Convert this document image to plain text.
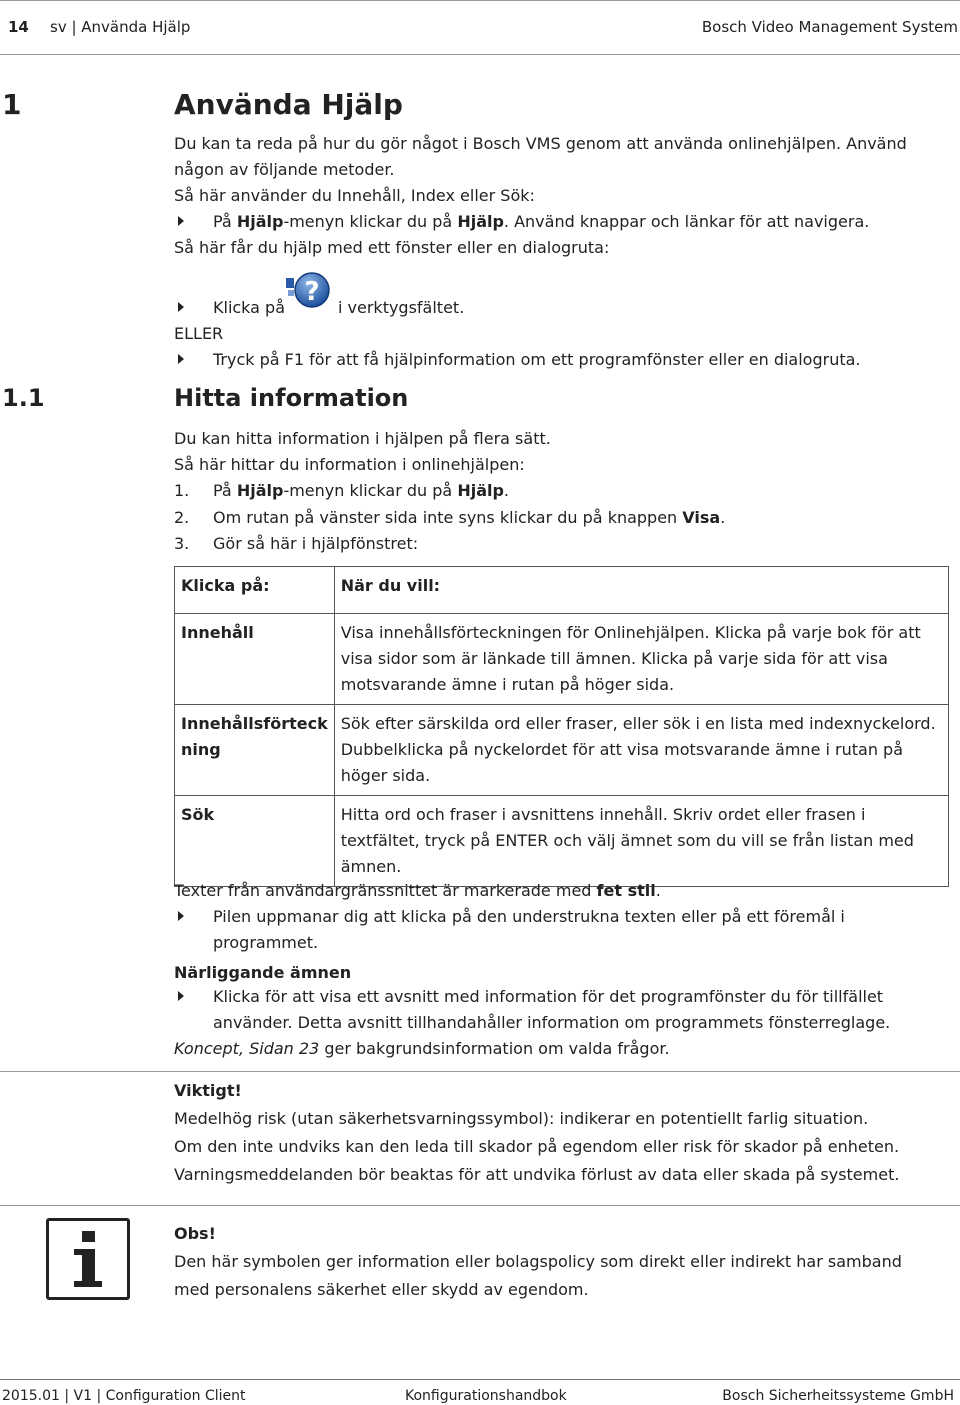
14 sv | Använda Hjälp	Bosch Video Management System
1	Använda Hjälp
Du kan ta reda på hur du gör något i Bosch VMS genom att använda onlinehjälpen. Använd
någon av följande metoder.
Så här använder du Innehåll, Index eller Sök:
På Hjälp-menyn klickar du på Hjälp. Använd knappar och länkar för att navigera.
Så här får du hjälp med ett fönster eller en dialogruta:
Klicka på
?
i verktygsfältet.
ELLER
Tryck på F1 för att få hjälpinformation om ett programfönster eller en dialogruta.
1.1	Hitta information
Du kan hitta information i hjälpen på flera sätt.
Så här hittar du information i onlinehjälpen:
1. På Hjälp-menyn klickar du på Hjälp.
2. Om rutan på vänster sida inte syns klickar du på knappen Visa.
3. Gör så här i hjälpfönstret:
Klicka på:	När du vill:
Innehåll	Visa innehållsförteckningen för Onlinehjälpen. Klicka på varje bok för att visa sidor som är länkade till ämnen. Klicka på varje sida för att visa motsvarande ämne i rutan på höger sida.
Innehållsförteck ning	Sök efter särskilda ord eller fraser, eller sök i en lista med indexnyckelord. Dubbelklicka på nyckelordet för att visa motsvarande ämne i rutan på höger sida.
Sök	Hitta ord och fraser i avsnittens innehåll. Skriv ordet eller frasen i textfältet, tryck på ENTER och välj ämnet som du vill se från listan med ämnen.
Texter från användargränssnittet är markerade med fet stil.
Pilen uppmanar dig att klicka på den understrukna texten eller på ett föremål i
programmet.
Närliggande ämnen
Klicka för att visa ett avsnitt med information för det programfönster du för tillfället
använder. Detta avsnitt tillhandahåller information om programmets fönsterreglage.
Koncept, Sidan 23 ger bakgrundsinformation om valda frågor.
Viktigt!
Medelhög risk (utan säkerhetsvarningssymbol): indikerar en potentiellt farlig situation.
Om den inte undviks kan den leda till skador på egendom eller risk för skador på enheten.
Varningsmeddelanden bör beaktas för att undvika förlust av data eller skada på systemet.
Obs!
Den här symbolen ger information eller bolagspolicy som direkt eller indirekt har samband
med personalens säkerhet eller skydd av egendom.
2015.01 | V1 | Configuration Client	Konfigurationshandbok	Bosch Sicherheitssysteme GmbH
